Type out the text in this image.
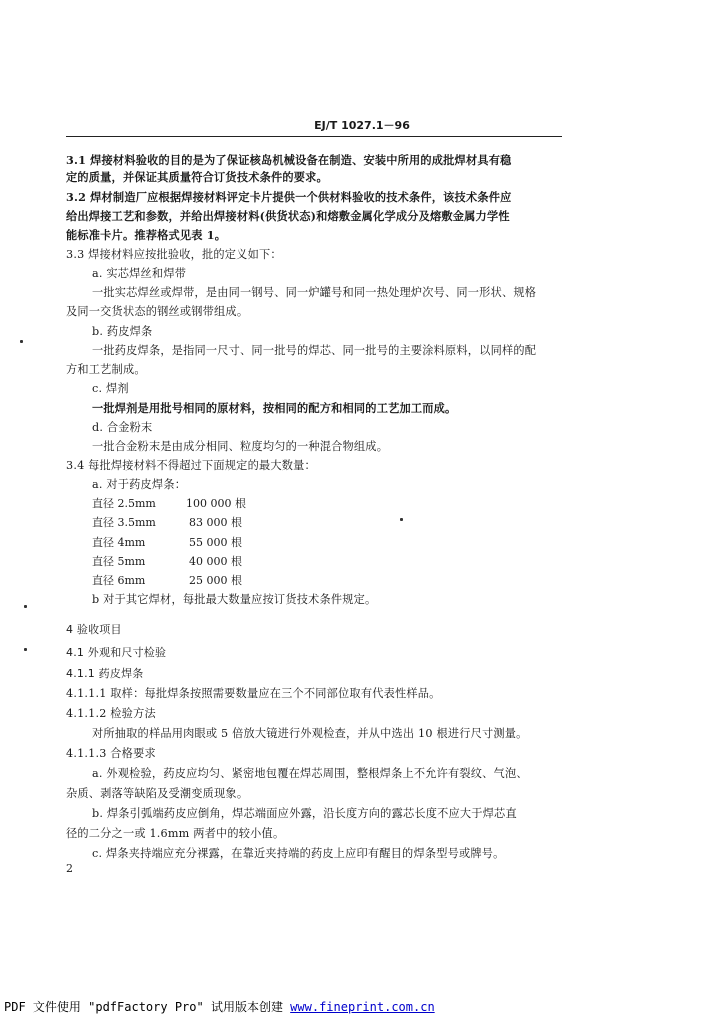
EJ/T 1027.1－96
3.1 焊接材料验收的目的是为了保证核岛机械设备在制造、安装中所用的成批焊材具有稳
定的质量，并保证其质量符合订货技术条件的要求。
3.2 焊材制造厂应根据焊接材料评定卡片提供一个供材料验收的技术条件，该技术条件应
给出焊接工艺和参数，并给出焊接材料(供货状态)和熔敷金属化学成分及熔敷金属力学性
能标准卡片。推荐格式见表 1。
3.3 焊接材料应按批验收，批的定义如下：
a. 实芯焊丝和焊带
一批实芯焊丝或焊带，是由同一钢号、同一炉罐号和同一热处理炉次号、同一形状、规格
及同一交货状态的钢丝或钢带组成。
b. 药皮焊条
一批药皮焊条，是指同一尺寸、同一批号的焊芯、同一批号的主要涂料原料，以同样的配
方和工艺制成。
c. 焊剂
一批焊剂是用批号相同的原材料，按相同的配方和相同的工艺加工而成。
d. 合金粉末
一批合金粉末是由成分相同、粒度均匀的一种混合物组成。
3.4 每批焊接材料不得超过下面规定的最大数量：
a. 对于药皮焊条：
直径 2.5mm	100 000 根
直径 3.5mm	83 000 根
直径 4mm	55 000 根
直径 5mm	40 000 根
直径 6mm	25 000 根
b 对于其它焊材，每批最大数量应按订货技术条件规定。
4 验收项目
4.1 外观和尺寸检验
4.1.1 药皮焊条
4.1.1.1 取样：每批焊条按照需要数量应在三个不同部位取有代表性样品。
4.1.1.2 检验方法
对所抽取的样品用肉眼或 5 倍放大镜进行外观检查，并从中选出 10 根进行尺寸测量。
4.1.1.3 合格要求
a. 外观检验，药皮应均匀、紧密地包覆在焊芯周围，整根焊条上不允许有裂纹、气泡、
杂质、剥落等缺陷及受潮变质现象。
b. 焊条引弧端药皮应倒角，焊芯端面应外露，沿长度方向的露芯长度不应大于焊芯直
径的二分之一或 1.6mm 两者中的较小值。
c. 焊条夹持端应充分裸露，在靠近夹持端的药皮上应印有醒目的焊条型号或牌号。
2
PDF 文件使用 "pdfFactory Pro" 试用版本创建 www.fineprint.com.cn
